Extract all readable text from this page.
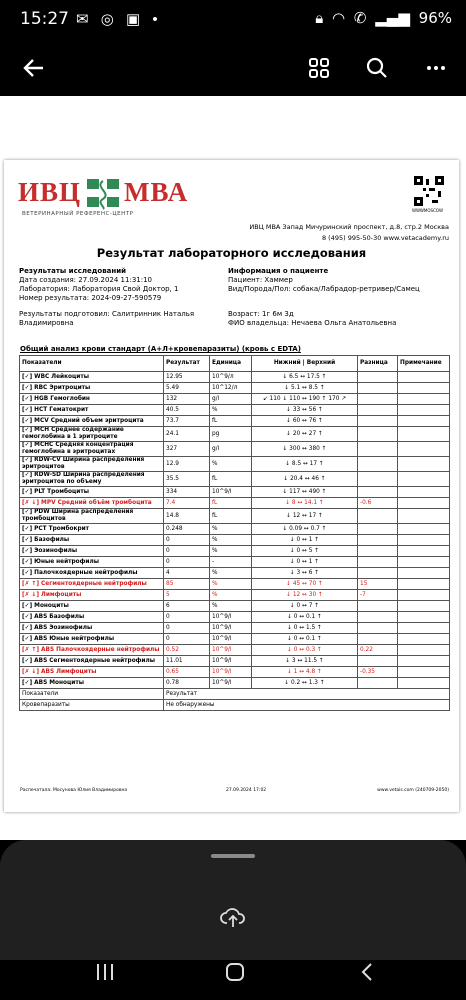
15:27 ✉ ◎ ▣ •	🔒︎ ◠ ✆ ▂▄▆ 96%
ИВЦ МВА
ВЕТЕРИНАРНЫЙ РЕФЕРЕНС-ЦЕНТР
WWWMOSCOW
ИВЦ МВА Запад Мичуринский проспект, д.8, стр.2 Москва
8 (495) 995-50-30 www.vetacademy.ru
Результат лабораторного исследования
Результаты исследований
Дата создания: 27.09.2024 11:31:10
Лаборатория: Лаборатория Свой Доктор, 1
Номер результата: 2024-09-27-590579
Результаты подготовил: Салитринник Наталья Владимировна
Информация о пациенте
Пациент: Хаммер
Вид/Порода/Пол: собака/Лабрадор-ретривер/Самец
Возраст: 1г 6м 3д
ФИО владельца: Нечаева Ольга Анатольевна
Общий анализ крови стандарт (А+Л+кровепаразиты) (кровь с EDTA)
Показатели	Результат	Единица	Нижний | Верхний	Разница	Примечание
[✓] WBC Лейкоциты	12.95	10^9/л	↓ 6.5 ↔ 17.5 ↑		
[✓] RBC Эритроциты	5.49	10^12/л	↓ 5.1 ↔ 8.5 ↑		
[✓] HGB Гемоглобин	132	g/l	↙ 110 ↓ 110 ↔ 190 ↑ 170 ↗		
[✓] HCT Гематокрит	40.5	%	↓ 33 ↔ 56 ↑		
[✓] MCV Средний объем эритроцита	73.7	fL	↓ 60 ↔ 76 ↑		
[✓] MCH Среднее содержание гемоглобина в 1 эритроците	24.1	pg	↓ 20 ↔ 27 ↑		
[✓] MCHC Средняя концентрация гемоглобина в эритроцитах	327	g/l	↓ 300 ↔ 380 ↑		
[✓] RDW-CV Ширина распределения эритроцитов	12.9	%	↓ 8.5 ↔ 17 ↑		
[✓] RDW-SD Ширина распределения эритроцитов по объему	35.5	fL	↓ 20.4 ↔ 46 ↑		
[✓] PLT Тромбоциты	334	10^9/l	↓ 117 ↔ 490 ↑		
[✗ ↓] MPV Средний объём тромбоцита	7.4	fL	↓ 8 ↔ 14.1 ↑	-0.6	
[✓] PDW Ширина распределения тромбоцитов	14.8	fL	↓ 12 ↔ 17 ↑		
[✓] PCT Тромбокрит	0.248	%	↓ 0.09 ↔ 0.7 ↑		
[✓] Базофилы	0	%	↓ 0 ↔ 1 ↑		
[✓] Эозинофилы	0	%	↓ 0 ↔ 5 ↑		
[✓] Юные нейтрофилы	0	-	↓ 0 ↔ 1 ↑		
[✓] Палочкоядерные нейтрофилы	4	%	↓ 3 ↔ 6 ↑		
[✗ ↑] Сегментоядерные нейтрофилы	85	%	↓ 45 ↔ 70 ↑	15	
[✗ ↓] Лимфоциты	5	%	↓ 12 ↔ 30 ↑	-7	
[✓] Моноциты	6	%	↓ 0 ↔ 7 ↑		
[✓] ABS Базофилы	0	10^9/l	↓ 0 ↔ 0.1 ↑		
[✓] ABS Эозинофилы	0	10^9/l	↓ 0 ↔ 1.5 ↑		
[✓] ABS Юные нейтрофилы	0	10^9/l	↓ 0 ↔ 0.1 ↑		
[✗ ↑] ABS Палочкоядерные нейтрофилы	0.52	10^9/l	↓ 0 ↔ 0.3 ↑	0.22	
[✓] ABS Сегментоядерные нейтрофилы	11.01	10^9/l	↓ 3 ↔ 11.5 ↑		
[✗ ↓] ABS Лимфоциты	0.65	10^9/l	↓ 1 ↔ 4.8 ↑	-0.35	
[✓] ABS Моноциты	0.78	10^9/l	↓ 0.2 ↔ 1.3 ↑		
Показатели	Результат				
Кровепаразиты	Не обнаружены				
Распечатала: Мосунова Юлия Владимировна	27.09.2024 17:02	www.vetais.com (240709-2050)
